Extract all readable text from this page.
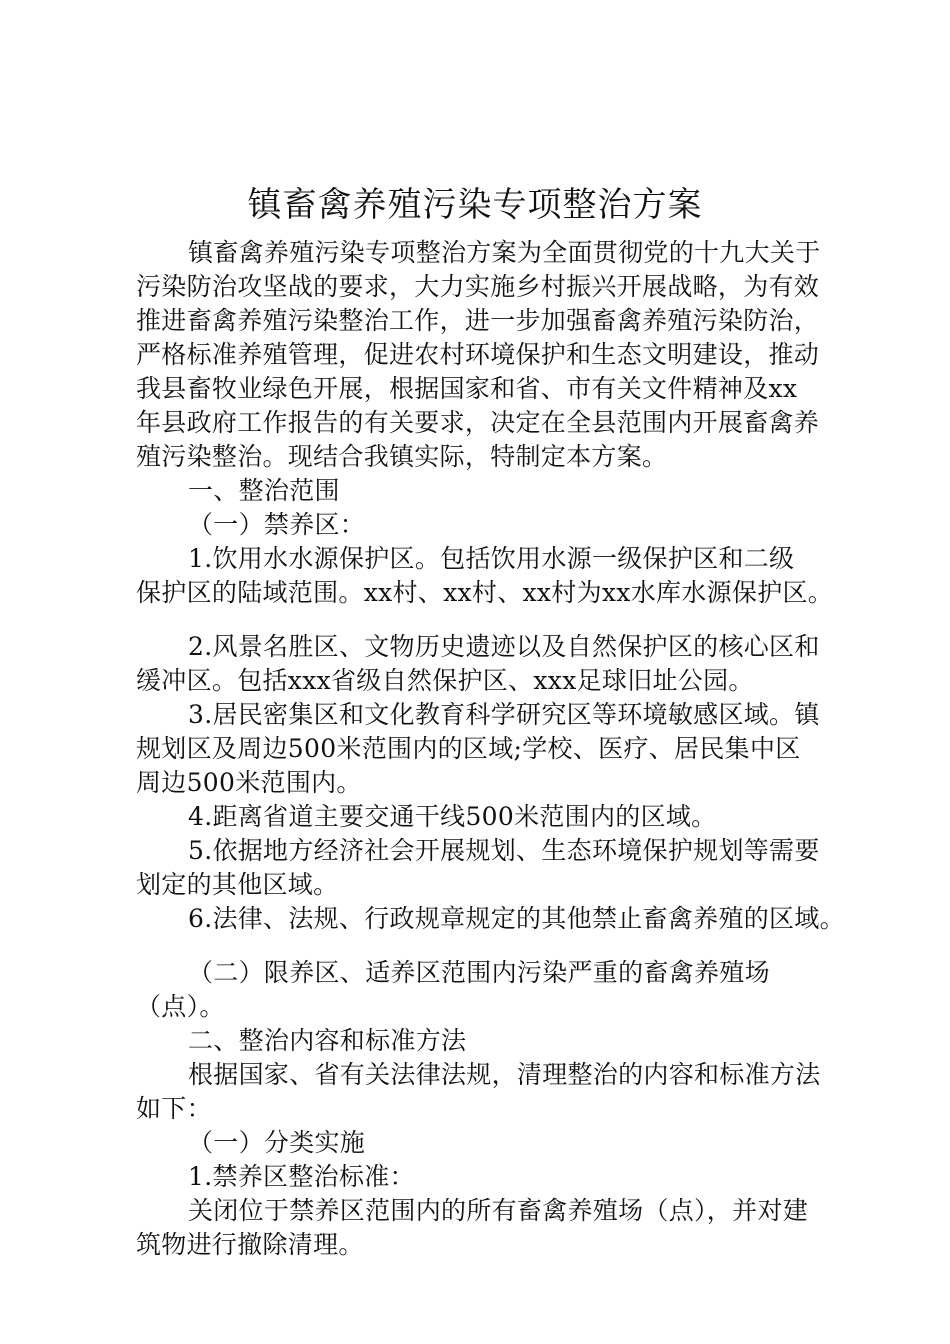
镇畜禽养殖污染专项整治方案
镇畜禽养殖污染专项整治方案为全面贯彻党的十九大关于
污染防治攻坚战的要求，大力实施乡村振兴开展战略，为有效
推进畜禽养殖污染整治工作，进一步加强畜禽养殖污染防治，
严格标准养殖管理，促进农村环境保护和生态文明建设，推动
我县畜牧业绿色开展，根据国家和省、市有关文件精神及xx
年县政府工作报告的有关要求，决定在全县范围内开展畜禽养
殖污染整治。现结合我镇实际，特制定本方案。
一、整治范围
（一）禁养区：
1.饮用水水源保护区。包括饮用水源一级保护区和二级
保护区的陆域范围。xx村、xx村、xx村为xx水库水源保护区。
2.风景名胜区、文物历史遗迹以及自然保护区的核心区和
缓冲区。包括xxx省级自然保护区、xxx足球旧址公园。
3.居民密集区和文化教育科学研究区等环境敏感区域。镇
规划区及周边500米范围内的区域;学校、医疗、居民集中区
周边500米范围内。
4.距离省道主要交通干线500米范围内的区域。
5.依据地方经济社会开展规划、生态环境保护规划等需要
划定的其他区域。
6.法律、法规、行政规章规定的其他禁止畜禽养殖的区域。
（二）限养区、适养区范围内污染严重的畜禽养殖场
（点）。
二、整治内容和标准方法
根据国家、省有关法律法规，清理整治的内容和标准方法
如下：
（一）分类实施
1.禁养区整治标准：
关闭位于禁养区范围内的所有畜禽养殖场（点），并对建
筑物进行撤除清理。
